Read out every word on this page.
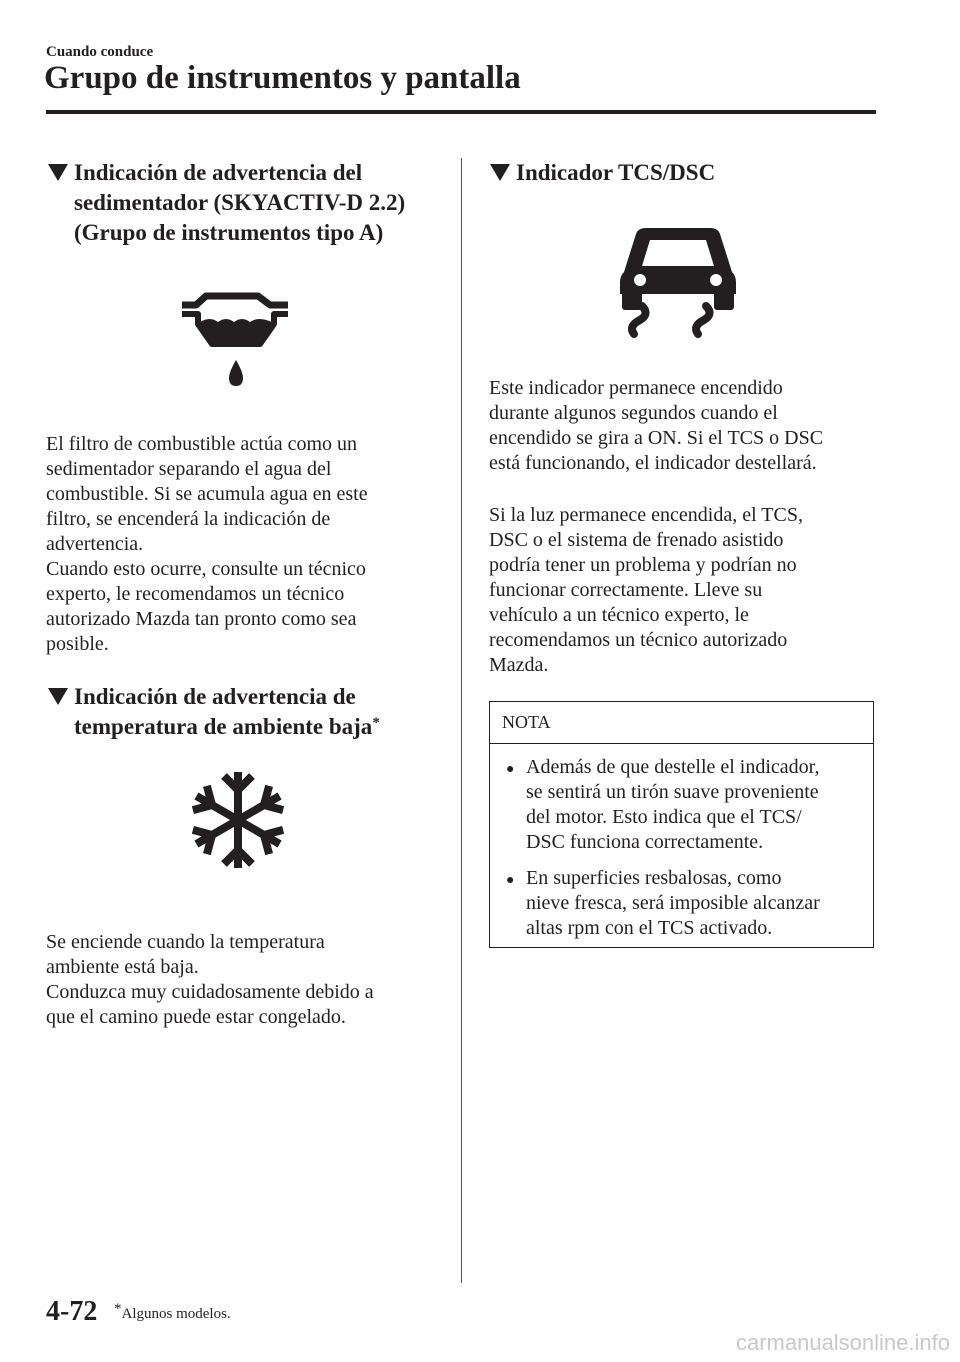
Cuando conduce
Grupo de instrumentos y pantalla
Indicación de advertencia del
sedimentador (SKYACTIV-D 2.2)
(Grupo de instrumentos tipo A)
El filtro de combustible actúa como un
sedimentador separando el agua del
combustible. Si se acumula agua en este
filtro, se encenderá la indicación de
advertencia.
Cuando esto ocurre, consulte un técnico
experto, le recomendamos un técnico
autorizado Mazda tan pronto como sea
posible.
Indicación de advertencia de
temperatura de ambiente baja*
Se enciende cuando la temperatura
ambiente está baja.
Conduzca muy cuidadosamente debido a
que el camino puede estar congelado.
Indicador TCS/DSC
Este indicador permanece encendido
durante algunos segundos cuando el
encendido se gira a ON. Si el TCS o DSC
está funcionando, el indicador destellará.
Si la luz permanece encendida, el TCS,
DSC o el sistema de frenado asistido
podría tener un problema y podrían no
funcionar correctamente. Lleve su
vehículo a un técnico experto, le
recomendamos un técnico autorizado
Mazda.
NOTA
● Además de que destelle el indicador,
se sentirá un tirón suave proveniente
del motor. Esto indica que el TCS/
DSC funciona correctamente.
● En superficies resbalosas, como
nieve fresca, será imposible alcanzar
altas rpm con el TCS activado.
4-72 *Algunos modelos.
carmanualsonline.info
